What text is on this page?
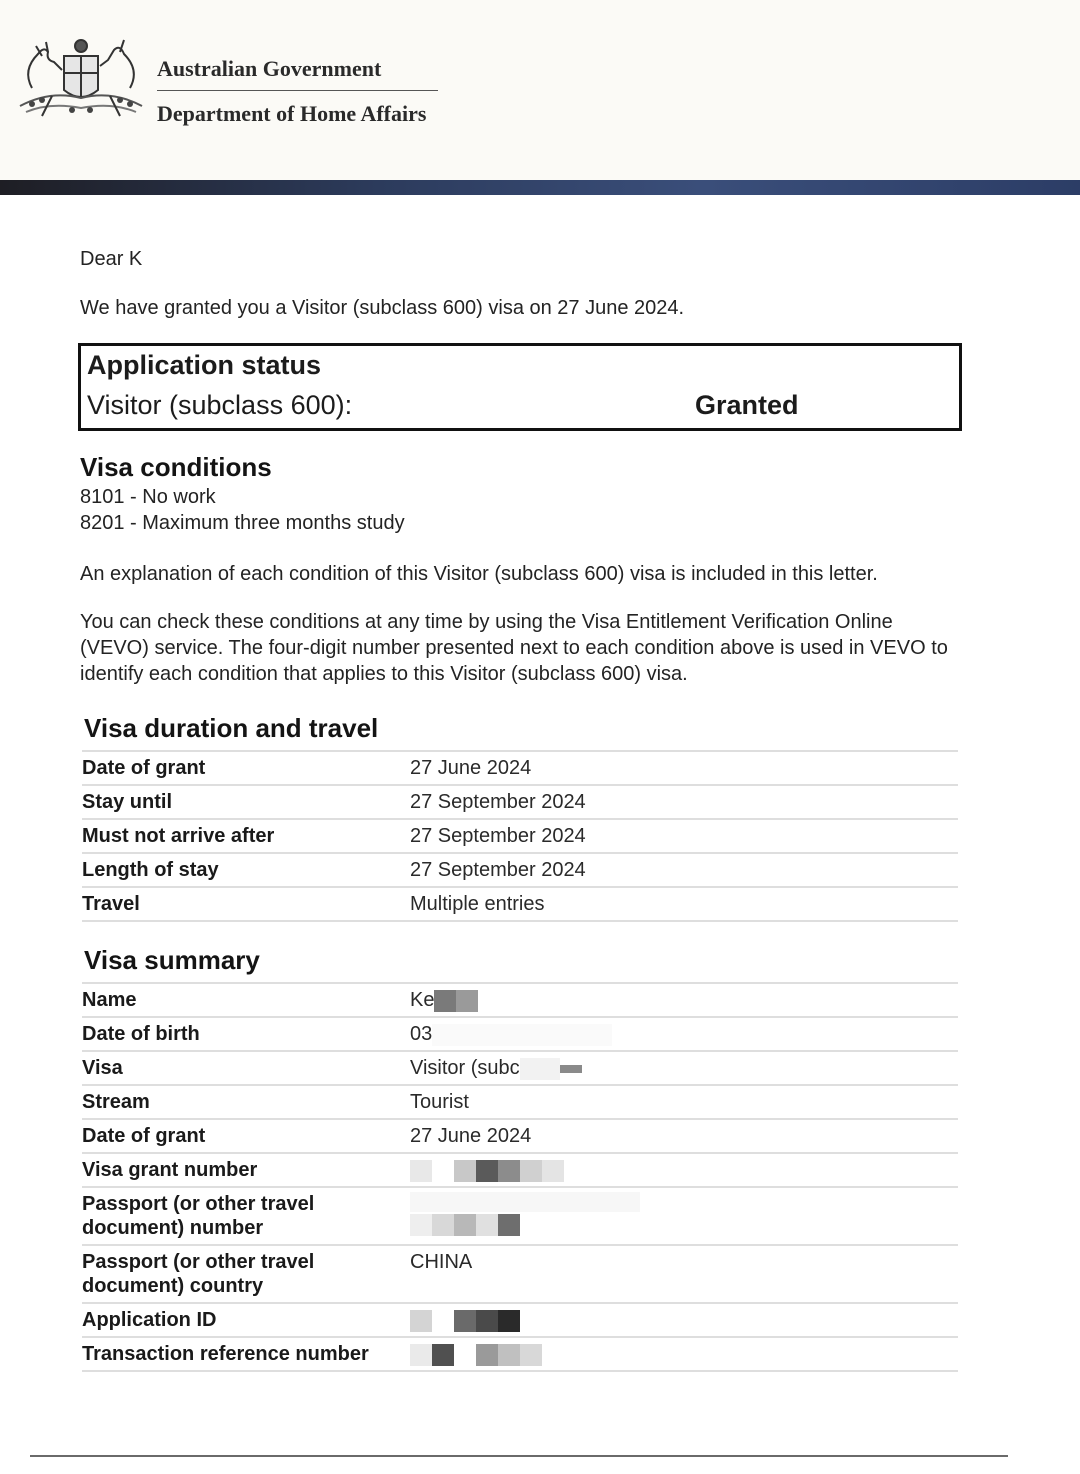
Australian Government
Department of Home Affairs
Dear K
We have granted you a Visitor (subclass 600) visa on 27 June 2024.
Application status
Visitor (subclass 600):	Granted
Visa conditions
8101 - No work
8201 - Maximum three months study
An explanation of each condition of this Visitor (subclass 600) visa is included in this letter.
You can check these conditions at any time by using the Visa Entitlement Verification Online (VEVO) service. The four-digit number presented next to each condition above is used in VEVO to identify each condition that applies to this Visitor (subclass 600) visa.
Visa duration and travel
Date of grant	27 June 2024
Stay until	27 September 2024
Must not arrive after	27 September 2024
Length of stay	27 September 2024
Travel	Multiple entries
Visa summary
Name	Ke
Date of birth	03
Visa	Visitor (subc
Stream	Tourist
Date of grant	27 June 2024
Visa grant number	
Passport (or other travel document) number	

Passport (or other travel document) country	CHINA
Application ID	
Transaction reference number	
